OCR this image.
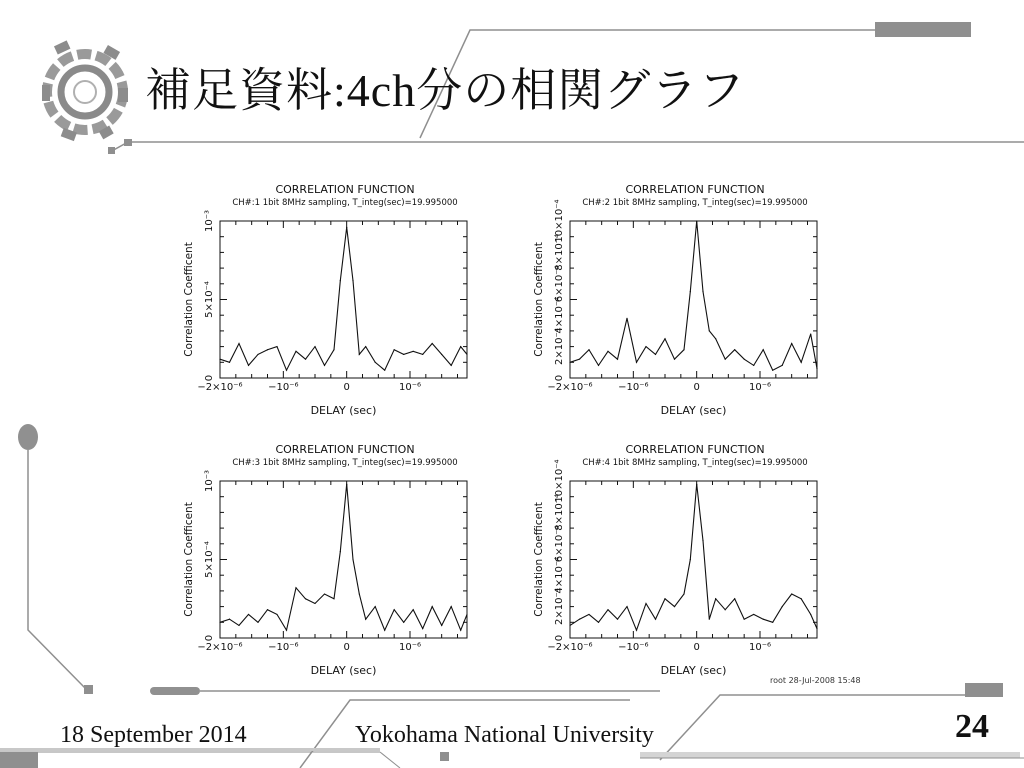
補足資料:4ch分の相関グラフ
CORRELATION FUNCTION
CH#:1 1bit 8MHz sampling, T_integ(sec)=19.995000
−2×10⁻⁶	−10⁻⁶	0	10⁻⁶
0
5×10⁻⁴
10⁻³
Correlation Coefficent
DELAY (sec)
CORRELATION FUNCTION
CH#:2 1bit 8MHz sampling, T_integ(sec)=19.995000
−2×10⁻⁶	−10⁻⁶	0	10⁻⁶
0
2×10⁻⁴
4×10⁻⁴
6×10⁻⁴
8×10⁻⁴
10×10⁻⁴
Correlation Coefficent
DELAY (sec)
CORRELATION FUNCTION
CH#:3 1bit 8MHz sampling, T_integ(sec)=19.995000
−2×10⁻⁶	−10⁻⁶	0	10⁻⁶
0
5×10⁻⁴
10⁻³
Correlation Coefficent
DELAY (sec)
CORRELATION FUNCTION
CH#:4 1bit 8MHz sampling, T_integ(sec)=19.995000
−2×10⁻⁶	−10⁻⁶	0	10⁻⁶
0
2×10⁻⁴
4×10⁻⁴
6×10⁻⁴
8×10⁻⁴
10×10⁻⁴
Correlation Coefficent
DELAY (sec)
root 28-Jul-2008 15:48
18 September 2014	Yokohama National University	24
